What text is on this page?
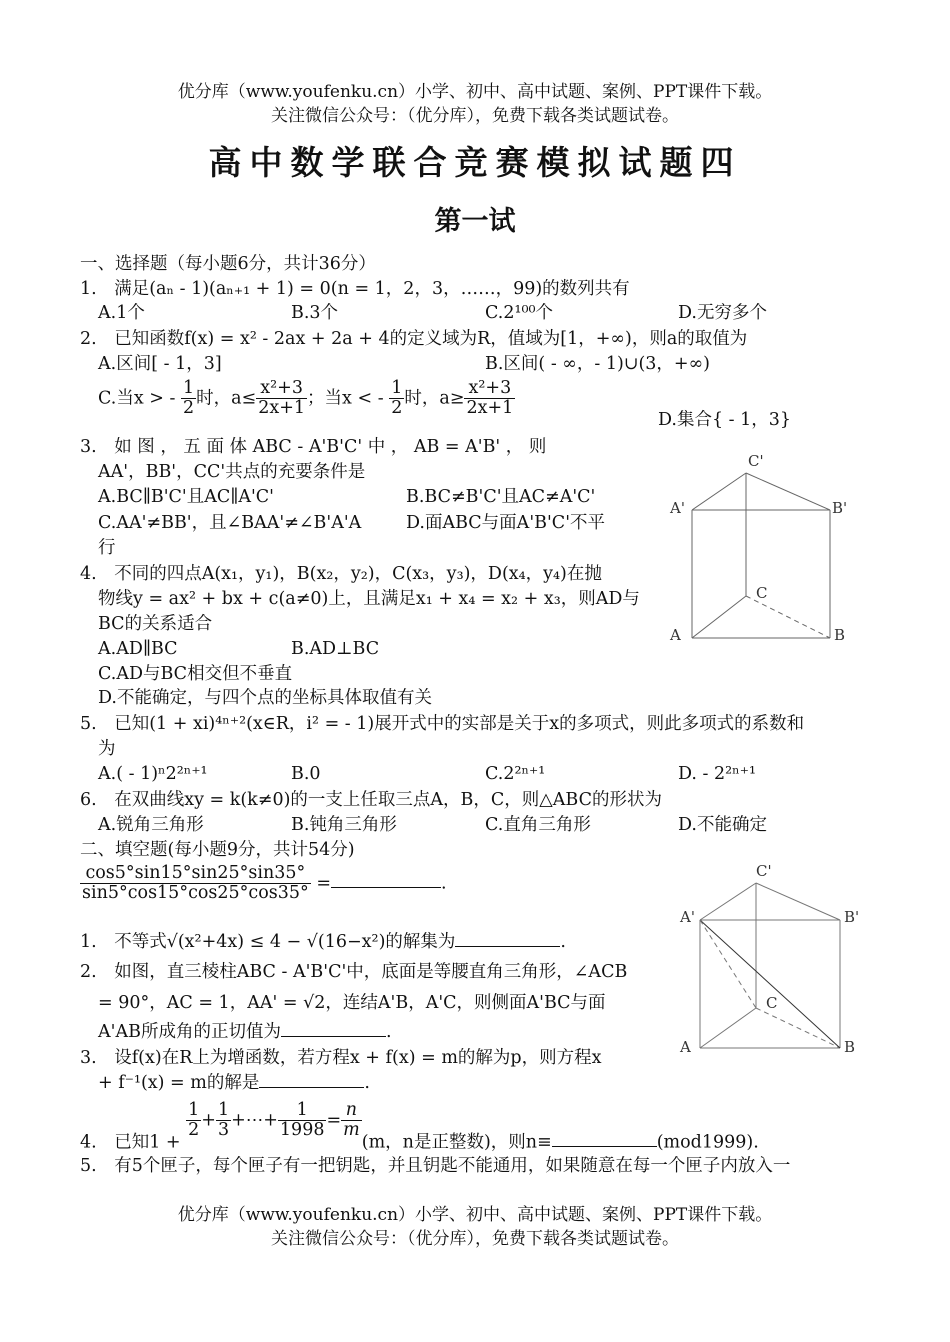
优分库（www.youfenku.cn）小学、初中、高中试题、案例、PPT课件下载。
关注微信公众号：（优分库），免费下载各类试题试卷。
高中数学联合竞赛模拟试题四
第一试
一、选择题（每小题6分，共计36分）
1.　满足(aₙ - 1)(aₙ₊₁ + 1) = 0(n = 1，2，3，……，99)的数列共有
A.1个	B.3个	C.2¹⁰⁰个	D.无穷多个
2.　已知函数f(x) = x² - 2ax + 2a + 4的定义域为R，值域为[1，+∞)，则a的取值为
A.区间[ - 1，3]	B.区间( - ∞，- 1)∪(3，+∞)
C.当x > - $\frac{1}{2}$ 时，$a\le \frac{\text{x²+3}}{2x+1}$ ；当x < - $\frac{1}{2}$ 时，$a\ge \frac{\text{x²+3}}{2x+1}$
D.集合{ - 1，3}
3.　如 图 ， 五 面 体 ABC - A'B'C' 中 ， AB = A'B' ， 则
AA'，BB'，CC'共点的充要条件是
A.BC∥B'C'且AC∥A'C'	B.BC≠B'C'且AC≠A'C'
C.AA'≠BB'，且∠BAA'≠∠B'A'A	D.面ABC与面A'B'C'不平
行
4.　不同的四点A(x₁，y₁)，B(x₂，y₂)，C(x₃，y₃)，D(x₄，y₄)在抛
物线y = ax² + bx + c(a≠0)上，且满足x₁ + x₄ = x₂ + x₃，则AD与
BC的关系适合
A.AD∥BC	B.AD⊥BC
C.AD与BC相交但不垂直
D.不能确定，与四个点的坐标具体取值有关
5.　已知(1 + xi)⁴ⁿ⁺²(x∈R，i² = - 1)展开式中的实部是关于x的多项式，则此多项式的系数和
为
A.( - 1)ⁿ2²ⁿ⁺¹	B.0	C.2²ⁿ⁺¹	D. - 2²ⁿ⁺¹
6.　在双曲线xy = k(k≠0)的一支上任取三点A，B，C，则△ABC的形状为
A.锐角三角形	B.钝角三角形	C.直角三角形	D.不能确定
二、填空题(每小题9分，共计54分)
$\frac{\cos 5^\circ\sin 15^\circ\sin 25^\circ\sin 35^\circ}{\sin 5^\circ\cos 15^\circ\cos 25^\circ\cos 35^\circ}$ =	.
1.　不等式√(x²+4x) ≤ 4 − √(16−x²)的解集为	.
2.　如图，直三棱柱ABC - A'B'C'中，底面是等腰直角三角形，∠ACB
= 90°，AC = 1，AA' = √2，连结A'B，A'C，则侧面A'BC与面
A'AB所成角的正切值为	.
3.　设f(x)在R上为增函数，若方程x + f(x) = m的解为p，则方程x
+ f⁻¹(x) = m的解是	.
4.　已知1 +
$\frac{1}{2} + \frac{1}{3}$ +⋯+ $\frac{1}{1998} = \frac{n}{m}$
(m，n是正整数)，则n≡	(mod1999).
5.　有5个匣子，每个匣子有一把钥匙，并且钥匙不能通用，如果随意在每一个匣子内放入一
A'	B'
C'
C
A	B
A'	B'
C'
C
A	B
优分库（www.youfenku.cn）小学、初中、高中试题、案例、PPT课件下载。
关注微信公众号：（优分库），免费下载各类试题试卷。
